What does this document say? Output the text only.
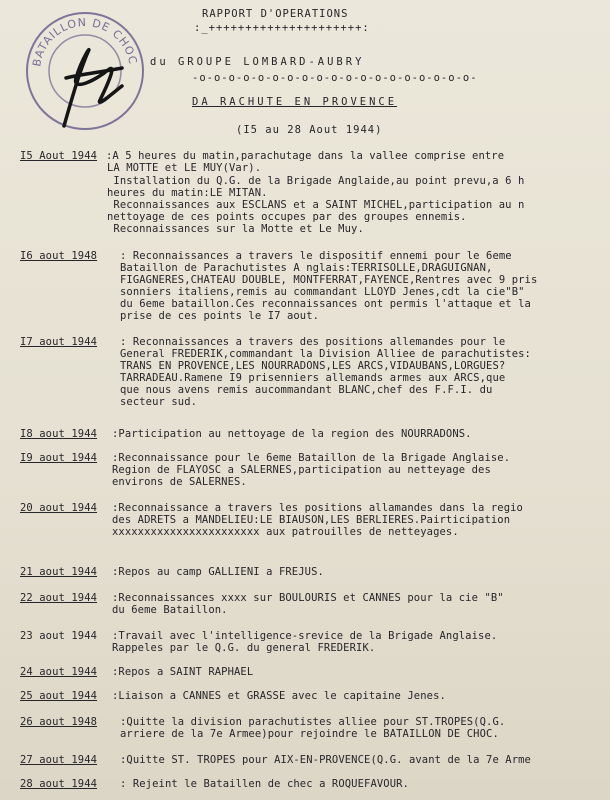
BATAILLON DE CHOC
RAPPORT D'OPERATIONS
:_+++++++++++++++++++++:
du GROUPE LOMBARD-AUBRY
-o-o-o-o-o-o-o-o-o-o-o-o-o-o-o-o-o-o-o-
DA RACHUTE EN PROVENCE
(I5 au 28 Aout 1944)
I5 Aout 1944 :A 5 heures du matin,parachutage dans la vallee comprise entre
LA MOTTE et LE MUY(Var).
Installation du Q.G. de la Brigade Anglaide,au point prevu,a 6 h
heures du matin:LE MITAN.
Reconnaissances aux ESCLANS et a SAINT MICHEL,participation au n
nettoyage de ces points occupes par des groupes ennemis.
Reconnaissances sur la Motte et Le Muy.
I6 aout 1948 : Reconnaissances a travers le dispositif ennemi pour le 6eme
Bataillon de Parachutistes A nglais:TERRISOLLE,DRAGUIGNAN,
FIGAGNERES,CHATEAU DOUBLE, MONTFERRAT,FAYENCE,Rentres avec 9 pris
sonniers italiens,remis au commandant LLOYD Jenes,cdt la cie"B"
du 6eme bataillon.Ces reconnaissances ont permis l'attaque et la
prise de ces points le I7 aout.
I7 aout 1944 : Reconnaissances a travers des positions allemandes pour le
General FREDERIK,commandant la Division Alliee de parachutistes:
TRANS EN PROVENCE,LES NOURRADONS,LES ARCS,VIDAUBANS,LORGUES?
TARRADEAU.Ramene I9 prisenniers allemands armes aux ARCS,que
que nous avens remis aucommandant BLANC,chef des F.F.I. du
secteur sud.
I8 aout 1944 :Participation au nettoyage de la region des NOURRADONS.
I9 aout 1944 :Reconnaissance pour le 6eme Bataillon de la Brigade Anglaise.
Region de FLAYOSC a SALERNES,participation au netteyage des
environs de SALERNES.
20 aout 1944 :Reconnaissance a travers les positions allamandes dans la regio
des ADRETS a MANDELIEU:LE BIAUSON,LES BERLIERES.Pairticipation
xxxxxxxxxxxxxxxxxxxxxxx aux patrouilles de netteyages.
21 aout 1944 :Repos au camp GALLIENI a FREJUS.
22 aout 1944 :Reconnaissances xxxx sur BOULOURIS et CANNES pour la cie "B"
du 6eme Bataillon.
23 aout 1944 :Travail avec l'intelligence-srevice de la Brigade Anglaise.
Rappeles par le Q.G. du general FREDERIK.
24 aout 1944 :Repos a SAINT RAPHAEL
25 aout 1944 :Liaison a CANNES et GRASSE avec le capitaine Jenes.
26 aout 1948 :Quitte la division parachutistes alliee pour ST.TROPES(Q.G.
arriere de la 7e Armee)pour rejoindre le BATAILLON DE CHOC.
27 aout 1944 :Quitte ST. TROPES pour AIX-EN-PROVENCE(Q.G. avant de la 7e Arme
28 aout 1944 : Rejeint le Bataillen de chec a ROQUEFAVOUR.
